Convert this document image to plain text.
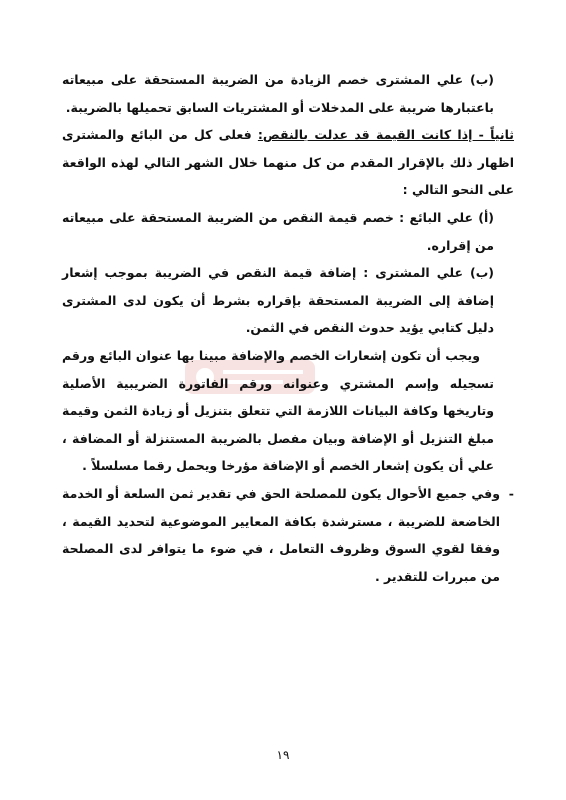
(ب) علي المشترى خصم الزيادة من الضريبة المستحقة على مبيعاته باعتبارها ضريبة على المدخلات أو المشتريات السابق تحميلها بالضريبة.

ثانياً - إذا كانت القيمة قد عدلت بالنقص: فعلى كل من البائع والمشترى اظهار ذلك بالإقرار المقدم من كل منهما خلال الشهر التالي لهذه الواقعة على النحو التالي :

(أ) علي البائع : خصم قيمة النقص من الضريبة المستحقة على مبيعاته من إقراره.

(ب) علي المشترى : إضافة قيمة النقص في الضريبة بموجب إشعار إضافة إلى الضريبة المستحقة بإقراره بشرط أن يكون لدى المشترى دليل كتابي يؤيد حدوث النقص في الثمن.

ويجب أن تكون إشعارات الخصم والإضافة مبينا بها عنوان البائع ورقم تسجيله وإسم المشتري وعنوانه ورقم الفاتورة الضريبية الأصلية وتاريخها وكافة البيانات اللازمة التي تتعلق بتنزيل أو زيادة الثمن وقيمة مبلغ التنزيل أو الإضافة وبيان مفصل بالضريبة المستنزلة أو المضافة ، علي أن يكون إشعار الخصم أو الإضافة مؤرخا ويحمل رقما مسلسلاً .

-وفي جميع الأحوال يكون للمصلحة الحق في تقدير ثمن السلعة أو الخدمة الخاضعة للضريبة ، مسترشدة بكافة المعايير الموضوعية لتحديد القيمة ، وفقا لقوي السوق وظروف التعامل ، في ضوء ما يتوافر لدى المصلحة من مبررات للتقدير .

١٩
